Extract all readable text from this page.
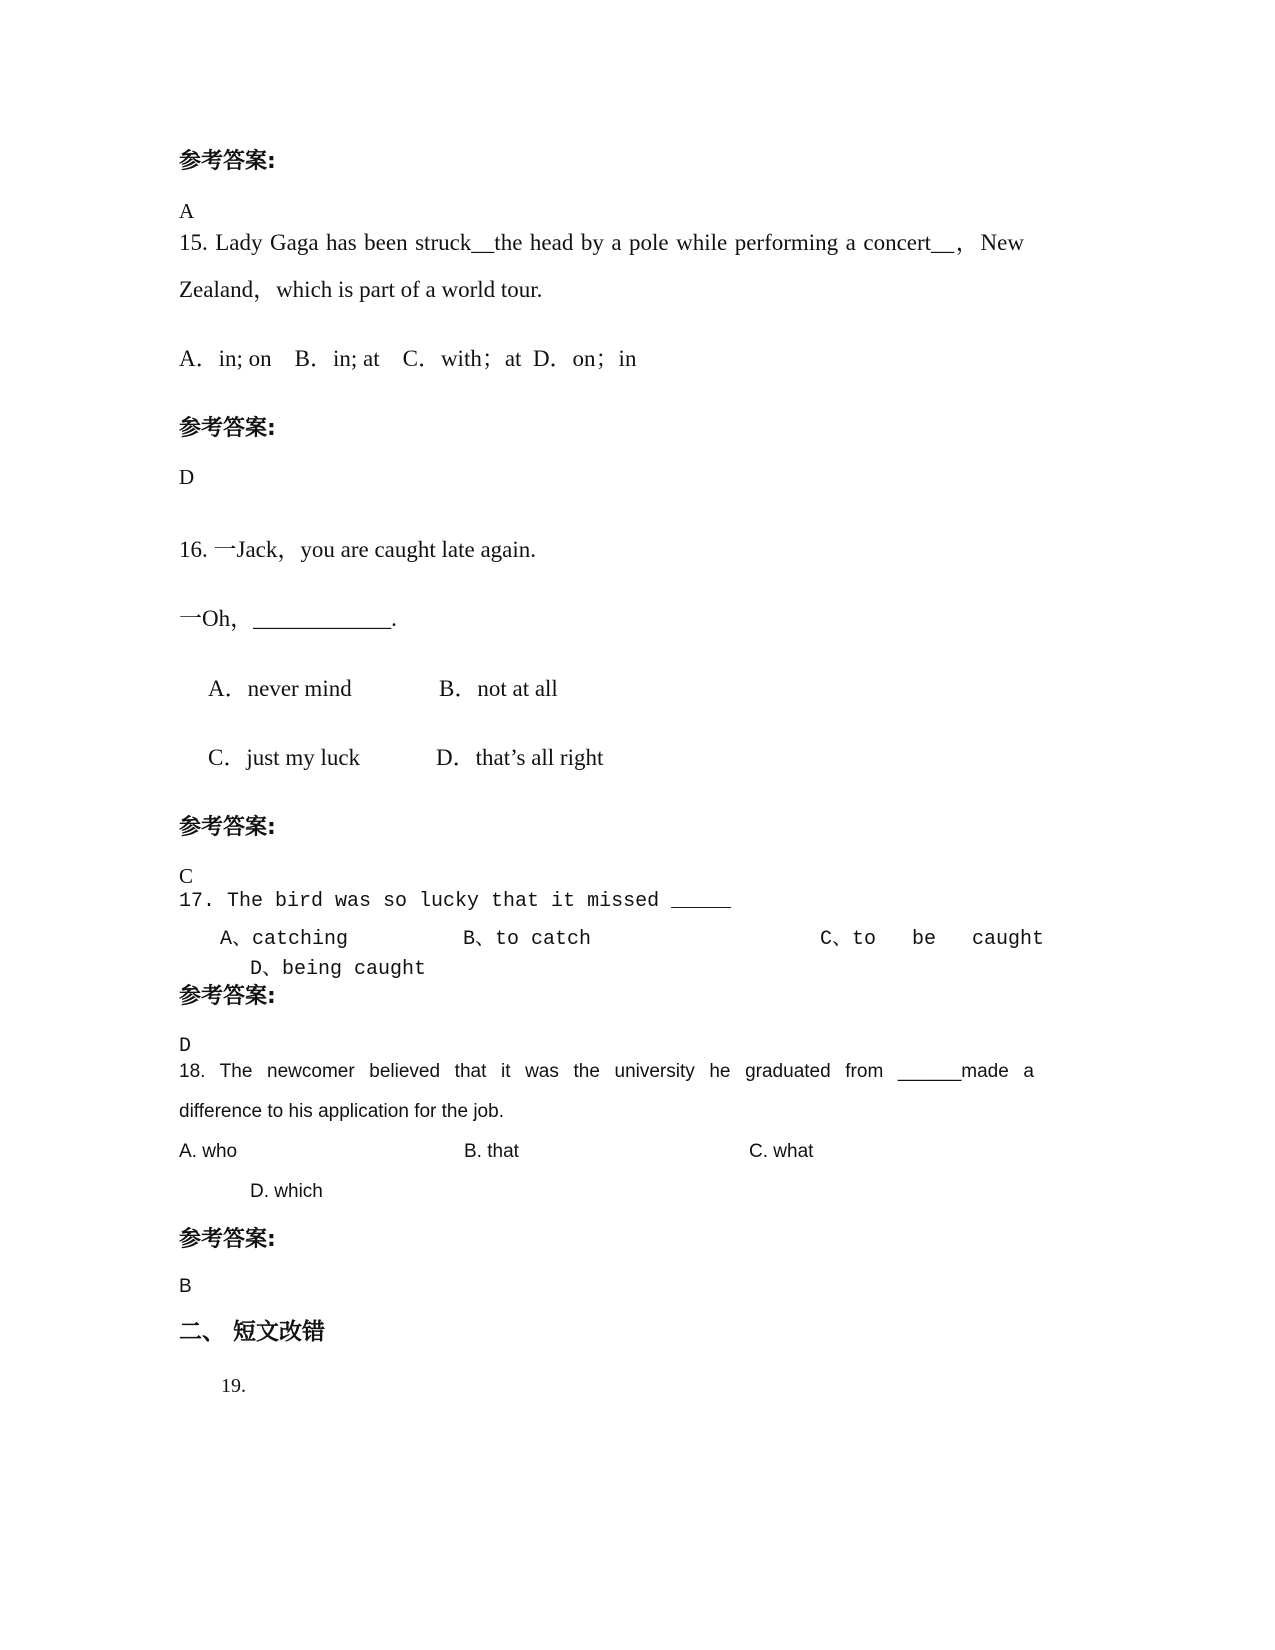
参考答案:
A
15. Lady Gaga has been struck__the head by a pole while performing a concert__，New
Zealand，which is part of a world tour.
A．in; on    B．in; at    C．with；at  D．on；in
参考答案:
D
16. 一Jack，you are caught late again.
一Oh，____________.
A．never mind	B．not at all
C．just my luck	D．that’s all right
参考答案:
C
17. The bird was so lucky that it missed _____
A、catching	B、to catch	C、to   be   caught
D、being caught
参考答案:
D
18. The newcomer believed that it was the university he graduated from ______made a
difference to his application for the job.
A. who	B. that	C. what
D. which
参考答案:
B
二、 短文改错
19.
